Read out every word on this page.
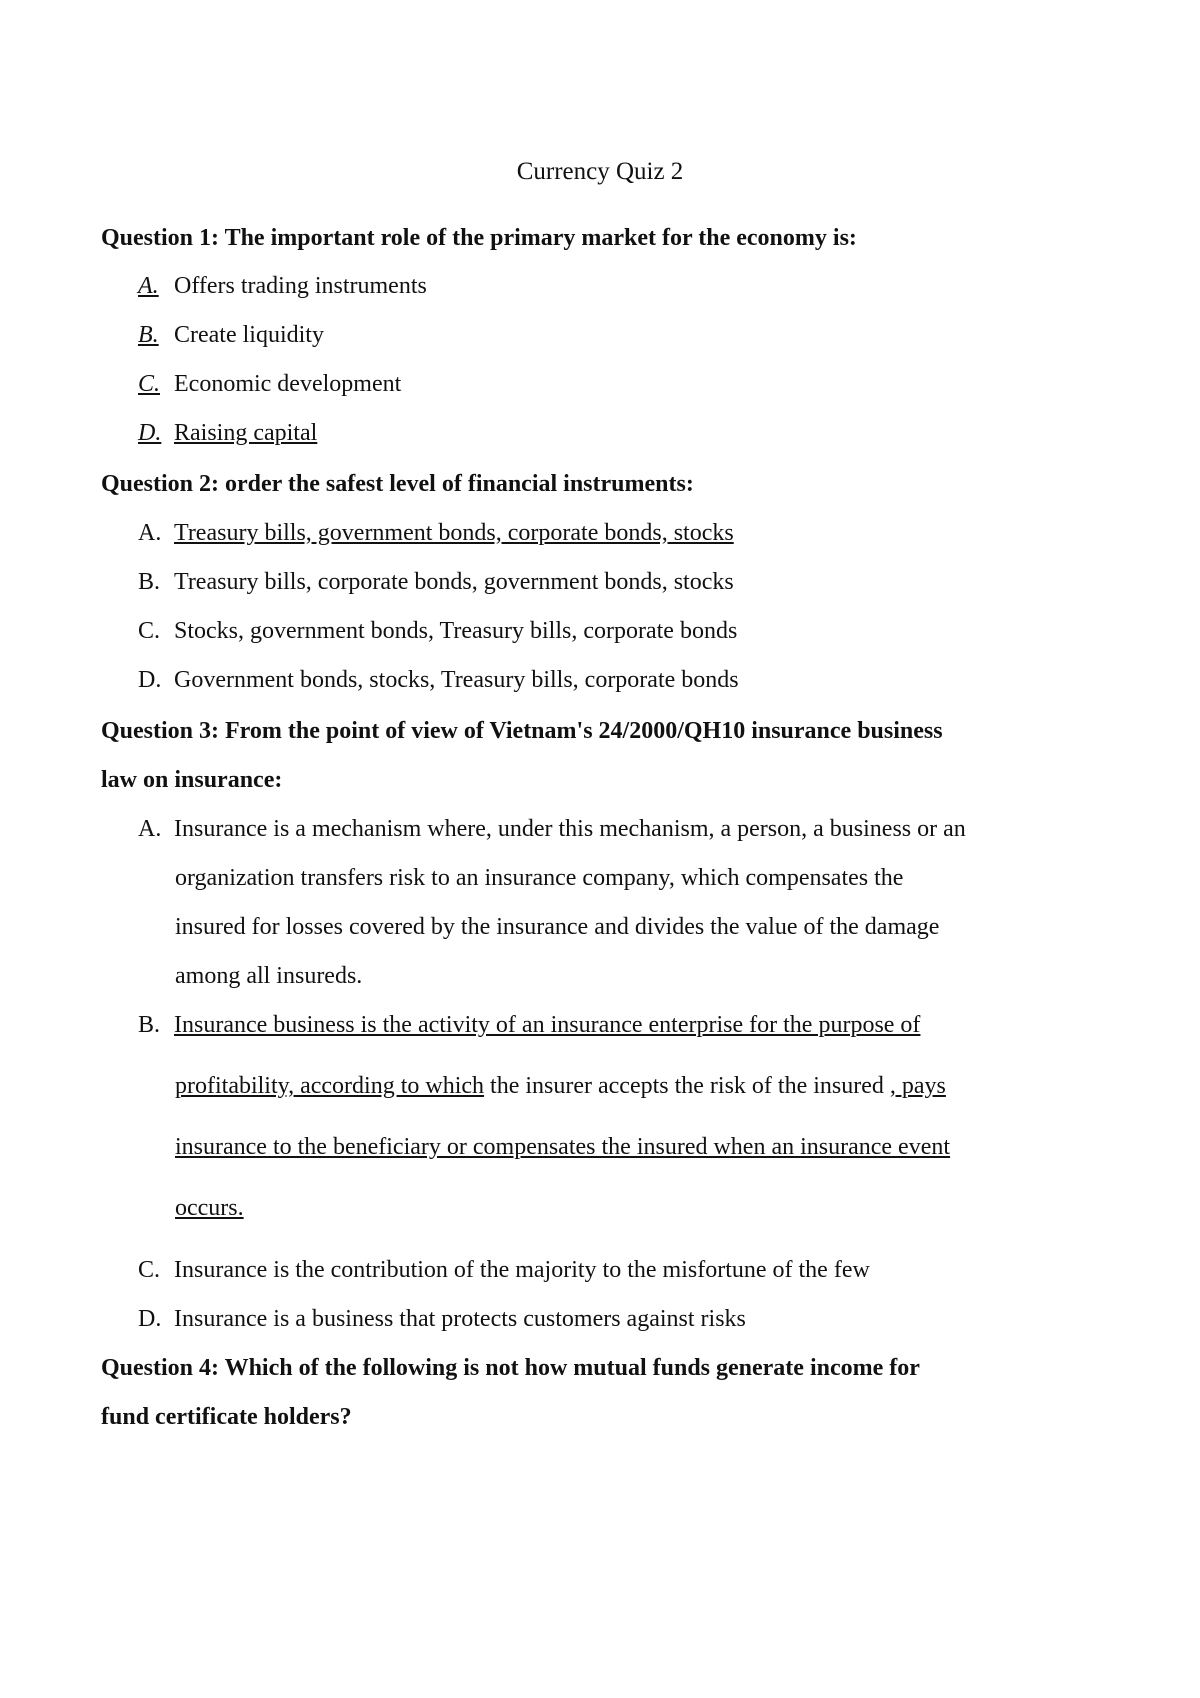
Currency Quiz 2
Question 1: The important role of the primary market for the economy is:
A. Offers trading instruments
B. Create liquidity
C. Economic development
D. Raising capital
Question 2: order the safest level of financial instruments:
A. Treasury bills, government bonds, corporate bonds, stocks
B. Treasury bills, corporate bonds, government bonds, stocks
C. Stocks, government bonds, Treasury bills, corporate bonds
D. Government bonds, stocks, Treasury bills, corporate bonds
Question 3: From the point of view of Vietnam's 24/2000/QH10 insurance business
law on insurance:
A. Insurance is a mechanism where, under this mechanism, a person, a business or an
organization transfers risk to an insurance company, which compensates the
insured for losses covered by the insurance and divides the value of the damage
among all insureds.
B. Insurance business is the activity of an insurance enterprise for the purpose of
profitability, according to which the insurer accepts the risk of the insured , pays
insurance to the beneficiary or compensates the insured when an insurance event
occurs.
C. Insurance is the contribution of the majority to the misfortune of the few
D. Insurance is a business that protects customers against risks
Question 4: Which of the following is not how mutual funds generate income for
fund certificate holders?
